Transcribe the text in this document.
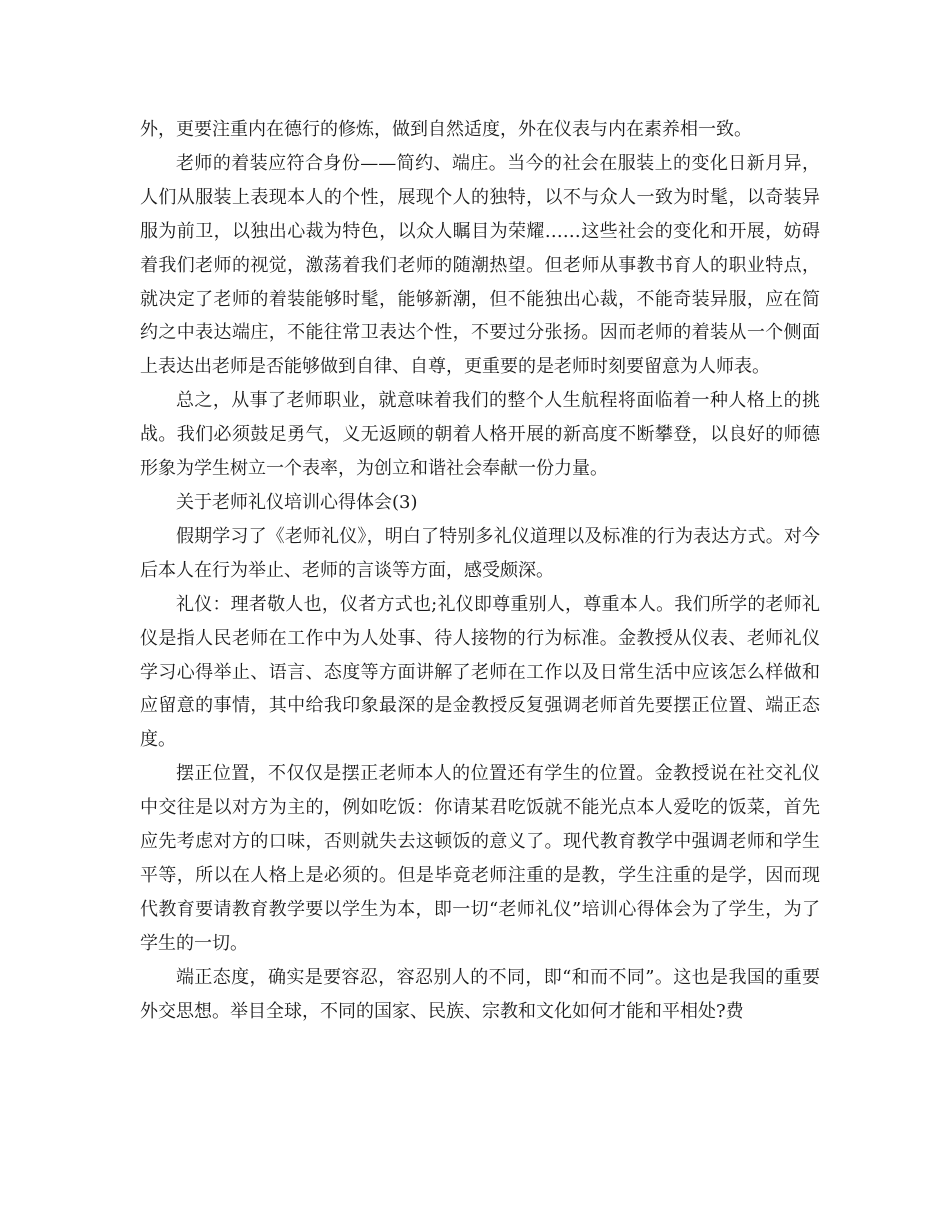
外，更要注重内在德行的修炼，做到自然适度，外在仪表与内在素养相一致。

老师的着装应符合身份——简约、端庄。当今的社会在服装上的变化日新月异，人们从服装上表现本人的个性，展现个人的独特，以不与众人一致为时髦，以奇装异服为前卫，以独出心裁为特色，以众人瞩目为荣耀……这些社会的变化和开展，妨碍着我们老师的视觉，激荡着我们老师的随潮热望。但老师从事教书育人的职业特点，就决定了老师的着装能够时髦，能够新潮，但不能独出心裁，不能奇装异服，应在简约之中表达端庄，不能往常卫表达个性，不要过分张扬。因而老师的着装从一个侧面上表达出老师是否能够做到自律、自尊，更重要的是老师时刻要留意为人师表。

总之，从事了老师职业，就意味着我们的整个人生航程将面临着一种人格上的挑战。我们必须鼓足勇气，义无返顾的朝着人格开展的新高度不断攀登，以良好的师德形象为学生树立一个表率，为创立和谐社会奉献一份力量。

关于老师礼仪培训心得体会(3)

假期学习了《老师礼仪》，明白了特别多礼仪道理以及标准的行为表达方式。对今后本人在行为举止、老师的言谈等方面，感受颇深。

礼仪：理者敬人也，仪者方式也;礼仪即尊重别人，尊重本人。我们所学的老师礼仪是指人民老师在工作中为人处事、待人接物的行为标准。金教授从仪表、老师礼仪学习心得举止、语言、态度等方面讲解了老师在工作以及日常生活中应该怎么样做和应留意的事情，其中给我印象最深的是金教授反复强调老师首先要摆正位置、端正态度。

摆正位置，不仅仅是摆正老师本人的位置还有学生的位置。金教授说在社交礼仪中交往是以对方为主的，例如吃饭：你请某君吃饭就不能光点本人爱吃的饭菜，首先应先考虑对方的口味，否则就失去这顿饭的意义了。现代教育教学中强调老师和学生平等，所以在人格上是必须的。但是毕竟老师注重的是教，学生注重的是学，因而现代教育要请教育教学要以学生为本，即一切“老师礼仪”培训心得体会为了学生，为了学生的一切。

端正态度，确实是要容忍，容忍别人的不同，即“和而不同”。这也是我国的重要外交思想。举目全球，不同的国家、民族、宗教和文化如何才能和平相处?费
